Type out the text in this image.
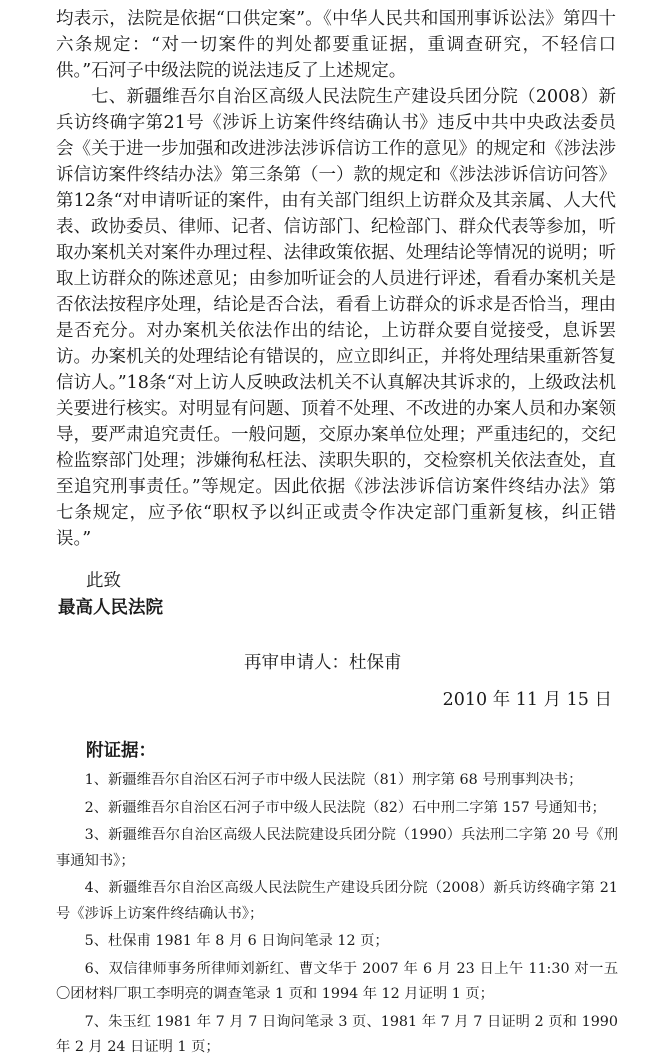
均表示，法院是依据“口供定案”。《中华人民共和国刑事诉讼法》第四十六条规定：“对一切案件的判处都要重证据，重调查研究，不轻信口供。”石河子中级法院的说法违反了上述规定。

七、新疆维吾尔自治区高级人民法院生产建设兵团分院（2008）新兵访终确字第21号《涉诉上访案件终结确认书》违反中共中央政法委员会《关于进一步加强和改进涉法涉诉信访工作的意见》的规定和《涉法涉诉信访案件终结办法》第三条第（一）款的规定和《涉法涉诉信访问答》第12条“对申请听证的案件，由有关部门组织上访群众及其亲属、人大代表、政协委员、律师、记者、信访部门、纪检部门、群众代表等参加，听取办案机关对案件办理过程、法律政策依据、处理结论等情况的说明；听取上访群众的陈述意见；由参加听证会的人员进行评述，看看办案机关是否依法按程序处理，结论是否合法，看看上访群众的诉求是否恰当，理由是否充分。对办案机关依法作出的结论，上访群众要自觉接受，息诉罢访。办案机关的处理结论有错误的，应立即纠正，并将处理结果重新答复信访人。”18条“对上访人反映政法机关不认真解决其诉求的，上级政法机关要进行核实。对明显有问题、顶着不处理、不改进的办案人员和办案领导，要严肃追究责任。一般问题，交原办案单位处理；严重违纪的，交纪检监察部门处理；涉嫌徇私枉法、渎职失职的，交检察机关依法查处，直至追究刑事责任。”等规定。因此依据《涉法涉诉信访案件终结办法》第七条规定，应予依“职权予以纠正或责令作决定部门重新复核，纠正错误。”

此致
最高人民法院
再审申请人：杜保甫
2010 年 11 月 15 日
附证据：
1、新疆维吾尔自治区石河子市中级人民法院（81）刑字第 68 号刑事判决书；
2、新疆维吾尔自治区石河子市中级人民法院（82）石中刑二字第 157 号通知书；
3、新疆维吾尔自治区高级人民法院建设兵团分院（1990）兵法刑二字第 20 号《刑事通知书》；
4、新疆维吾尔自治区高级人民法院生产建设兵团分院（2008）新兵访终确字第 21 号《涉诉上访案件终结确认书》；
5、杜保甫 1981 年 8 月 6 日询问笔录 12 页；
6、双信律师事务所律师刘新红、曹文华于 2007 年 6 月 23 日上午 11:30 对一五〇团材料厂职工李明亮的调查笔录 1 页和 1994 年 12 月证明 1 页；
7、朱玉红 1981 年 7 月 7 日询问笔录 3 页、1981 年 7 月 7 日证明 2 页和 1990 年 2 月 24 日证明 1 页；
